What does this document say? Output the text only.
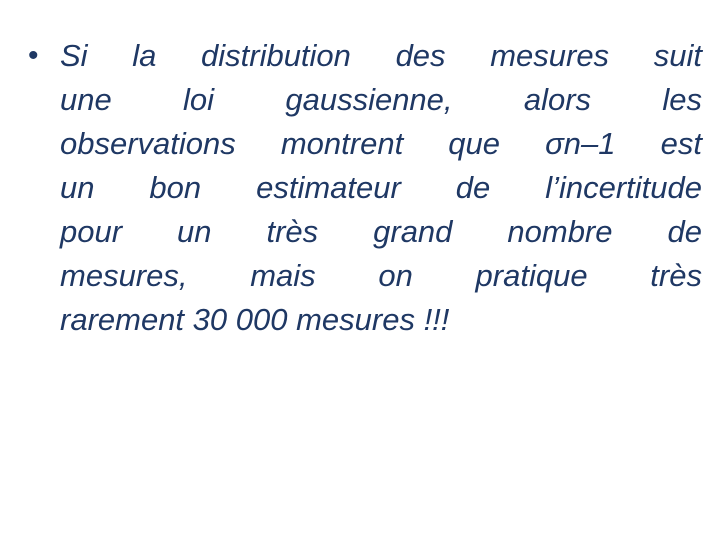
• Si la distribution des mesures suit
une loi gaussienne, alors les
observations montrent que σn–1 est
un bon estimateur de l’incertitude
pour un très grand nombre de
mesures, mais on pratique très
rarement 30 000 mesures !!!
